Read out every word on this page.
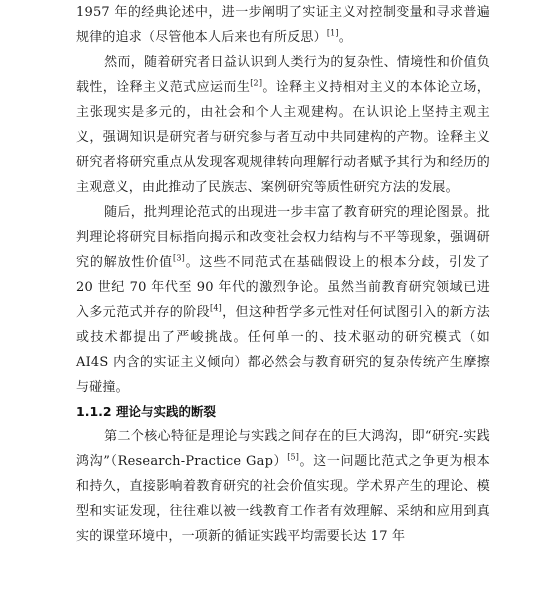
1957 年的经典论述中，进一步阐明了实证主义对控制变量和寻求普遍规律的追求（尽管他本人后来也有所反思）[1]。

然而，随着研究者日益认识到人类行为的复杂性、情境性和价值负载性，诠释主义范式应运而生[2]。诠释主义持相对主义的本体论立场，主张现实是多元的，由社会和个人主观建构。在认识论上坚持主观主义，强调知识是研究者与研究参与者互动中共同建构的产物。诠释主义研究者将研究重点从发现客观规律转向理解行动者赋予其行为和经历的主观意义，由此推动了民族志、案例研究等质性研究方法的发展。

随后，批判理论范式的出现进一步丰富了教育研究的理论图景。批判理论将研究目标指向揭示和改变社会权力结构与不平等现象，强调研究的解放性价值[3]。这些不同范式在基础假设上的根本分歧，引发了 20 世纪 70 年代至 90 年代的激烈争论。虽然当前教育研究领域已进入多元范式并存的阶段[4]，但这种哲学多元性对任何试图引入的新方法或技术都提出了严峻挑战。任何单一的、技术驱动的研究模式（如 AI4S 内含的实证主义倾向）都必然会与教育研究的复杂传统产生摩擦与碰撞。

1.1.2 理论与实践的断裂

第二个核心特征是理论与实践之间存在的巨大鸿沟，即“研究-实践鸿沟”（Research-Practice Gap）[5]。这一问题比范式之争更为根本和持久，直接影响着教育研究的社会价值实现。学术界产生的理论、模型和实证发现，往往难以被一线教育工作者有效理解、采纳和应用到真实的课堂环境中，一项新的循证实践平均需要长达 17 年
